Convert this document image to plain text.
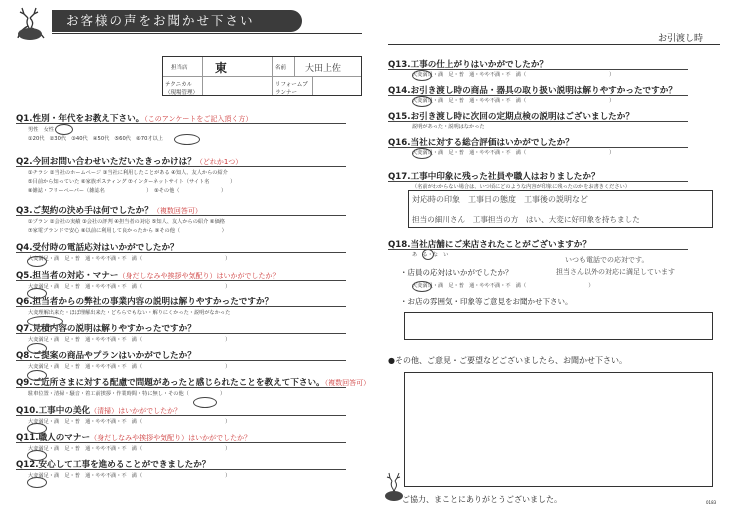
お客様の声をお聞かせ下さい
担当店 東	名前 大田上佐
テクニカル（現場管理）
リフォームプランナー
Q1.性別・年代をお教え下さい。（このアンケートをご記入頂く方）
男性　女性
①20代　②30代　③40代　④50代　⑤60代　⑥70才以上
Q2.今回お問い合わせいただいたきっかけは？（どれか1つ）
①チラシ ②当社のホームページ ③当社に利用したことがある ④知人、友人からの紹介
⑤目前から知っていた ⑥家族ポスティング ⑦インターネットサイト（サイト名　　　　）
⑧雑誌・フリーペーパー（雑誌名　　　　　　　　）　⑨その他（　　　　　　　　）
Q3.ご契約の決め手は何でしたか？（複数回答可）
①プラン ②会社の実績 ③会社の評判 ④担当者の対応 ⑤知人、友人からの紹介 ⑥価格
⑦家電ブランドで安心 ⑧以前に利用して良かったから ⑨その他（　　　　　　　　）
Q4.受付時の電話応対はいかがでしたか？
大変満足・満　足・普　通・やや不満・不　満（　　　　　　　　　　　　　　　　）
Q5.担当者の対応・マナー（身だしなみや挨拶や気配り）はいかがでしたか？
大変満足・満　足・普　通・やや不満・不　満（　　　　　　　　　　　　　　　　）
Q6.担当者からの弊社の事業内容の説明は解りやすかったですか？
大変理解出来た・ほぼ理解出来た・どちらでもない・解りにくかった・説明がなかった
Q7.見積内容の説明は解りやすかったですか？
大変満足・満　足・普　通・やや不満・不　満（　　　　　　　　　　　　　　　　）
Q8.ご提案の商品やプランはいかがでしたか？
大変満足・満　足・普　通・やや不満・不　満（　　　　　　　　　　　　　　　　）
Q9.ご近所さまに対する配慮で問題があったと感じられたことを教えて下さい。（複数回答可）
駐車位置・清掃・騒音・着工前挨拶・作業時間・特に無し・その他（　　　　　　）
Q10.工事中の美化（清掃）はいかがでしたか？
大変満足・満　足・普　通・やや不満・不　満（　　　　　　　　　　　　　　　　）
Q11.職人のマナー（身だしなみや挨拶や気配り）はいかがでしたか？
大変満足・満　足・普　通・やや不満・不　満（　　　　　　　　　　　　　　　　）
Q12.安心して工事を進めることができましたか？
大変満足・満　足・普　通・やや不満・不　満（　　　　　　　　　　　　　　　　）
お引渡し時
Q13.工事の仕上がりはいかがでしたか？
大変満足・満　足・普　通・やや不満・不　満（　　　　　　　　　　　　　　　　）
Q14.お引き渡し時の商品・器具の取り扱い説明は解りやすかったですか？
大変満足・満　足・普　通・やや不満・不　満（　　　　　　　　　　　　　　　　）
Q15.お引き渡し時に次回の定期点検の説明はございましたか？
説明があった・説明はなかった
Q16.当社に対する総合評価はいかがでしたか？
大変満足・満　足・普　通・やや不満・不　満（　　　　　　　　　　　　　　　　）
Q17.工事中印象に残った社員や職人はおりましたか？
（名前がわからない場合は、いつ頃にどのような内容が印象に残ったのかをお書きください）
Q18.当社店舗にご来店されたことがございますか？
あ　る・な　い
対応時の印象　工事日の態度　工事後の説明など
担当の細川さん　工事担当の方　はい、大変に好印象を持ちました
・店員の応対はいかがでしたか？
大変満足・満　足・普　通・やや不満・不　満（　　　　　　　　　　　　）
いつも電話での応対です。
担当さん以外の対応に満足しています
・お店の雰囲気・印象等ご意見をお聞かせ下さい。
●その他、ご意見・ご要望などございましたら、お聞かせ下さい。
ご協力、まことにありがとうございました。	0183
